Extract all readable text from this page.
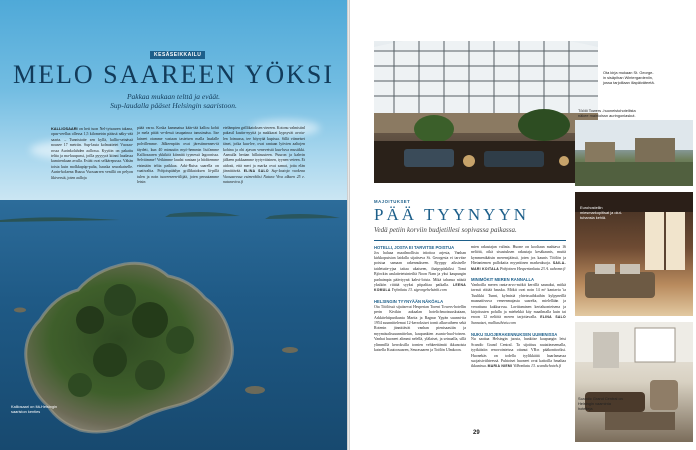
KESÄSEIKKAILU
MELO SAAREEN YÖKSI
Pakkaa mukaan telttä ja eväät.
Sup-laudalla pääset Helsingin saaristoon.
KALLIOSAARI on heti tuon Nel-tyisaaren takana, opas-veellaa ollessa 1,5 kilometrin päässä näky-vää saarta. – Tunnistatte sen kyllä, kallio-seinässä nousee 17 metriin. Sup-lauta kolmatteiet Vuosaa-rossa Aurinkolahden aallossa. Kyytiin on pakattu teltta ja ma-kuupussi, joilla pyyyyrä kiinni laudassa kumirenkaan avulla. Eväät ovat selkärepussa. Vähän toista kuin molkkapüp-pulta, hauska seurakaiselle. Aurin-kolaena Ruusa Vuosaarren venillä on pelyon likiverstä, joten aalloja
päää varra. Koska kammatua käär-tää kallou kohti ja mela pitää ve-dessä tasapainoa tanssimäsa. Itse laineet otamme vastaan tasteisen malla laudalle polvillemme. Jälkeenpäin ovat järestimennes-tä täydeti, kun 40 minuutin myö-hemmin lisä'amme Kalliosaaren ykkiköä kiinnitä tyynessä lagoonissa. Selviämme! Veikimme laudat rantaan ja hiiditemme etsimään teltta paikkaa. Arki-Ruisa saarella on vaativaltta. Pohjoispäädyn grillikatoksen lä-pillä tulen ja noin tuoreeseen-tilijää, joten peruutamme letsin
etelämpien grillikatoksen viereen. Kotonu valmistinl pakastl kastin-nyyttä ja makkarat kypsyvät avotu-len loimussa, tee höyryää kupissa. Sillä viimeiset tänet, jotka kuu-lee, ovat rantaan lyövien aaltojen kohina ja ohi ajavan veneveistä kuu-luva musiikki. Aamulla heräan hillaisuuteen. Puuron ja kahvin jälkeen pakkaamme tyytyväisinen, tyynen veteen. Et aidosti, että meri ja marka ovat samat, jotta elän jännittävää. ELINA SALO Sup-lautoja vuokraa Vuosaaressa esimerkiksi Natura Viva alkaen 25 e. naturaviva.fi
Kalliosaari on Itä-Helsingin saariston kenties
Ota kirja mukaan St. George-in sisäpihan Wintergardeniin, jossa tarjoillaan illapäiväteetä.
Töölö Towers -huoneistohotellista näkee mainiolssn auringonlaskut.
MAJOITUKSET
PÄÄ TYYNYYN
Vedä petiin korviin budjetillesi sopivassa paikassa.
HOTELLI, JOSTA EI TARVITSE POISTUA
Jos haluaa maailmollista irtiottoa arjesta, Vanhan kirkkopuiston laidalla sijaitseva St. Georgesta ei tarvitse poistua samaan rakennukseen. Ryyppy aiksiselle taidetutte-yjaa taitaa ukaiseen, ihaipypäskiksi Tomi Björckin aaslaitetetsinteiltä Noon Nam ja yksi kaupungin parhaimpia päävtyynä kahvi-loista. Mikä tahansa näistä yksikön riittää syyksi pitpaliiaa paikalla. LEENA KOMULA Yrjönkatu 13. sigeorgehelsinki.com

HELSINGIN TYYNYÄÄN NÄKÖALA
Ota Töölössä sijaitsevat Hesperian Torent Towers-hotellin perin Kivikin aakaalan hotelichmoisuuskutaan, Arkkitehtiparikunta Martta ja Ragnar Ypyän suunni-tta 1954 suunnittelemat 12-kerroksiset tornit alkuvaiheen sekä Rotenin jännittävät vanhan pienisaasiiin ja myymäsalissuunnittelun, kaupunkien asunto-huol-toinen. Vanhat huoneet alimmi nelellä, ylälaiset, ja seinaalla, sillä ylimmillä kerroksilla tornien vehkeettämät ikkunoista katsella Kuutoosaaren, Seurasaaren ja Toölön Ulmkoon.
mien rakastajan valinta. Huone on kooltaan mahtava 16 neliötä, oikä sisustuksen rakastaja kesäkaunis, muttä kymmenikäisin merensjäässä, joten jos kaunis Töölön ja Hietaniemen pallokaita myyntiinen markeaksoja. SAILA-MARI KOITALA Pohjoinen Hesperiankatu 23 A. uuhome.fi

MINIMÖKIT MEREN RANNALLA
Vanhoilla meren ranta-arvo-mökit kerrillä saunaksi, mitkä tavasti riittää hauska. Mökit ovat noin 14 m² kantavia 'ia Tuulikki Tunni, kylmisiä yhteissuihkuihin kylpyneillä maanatiivuva veneenmajasta saarelta, mielellään ja verrattuna kakkurvuu. Lavittaminen kertaluonteisena ja kirjoitusten polulla ja miehekkä käy maailmalla kuin tai eroon 12 neliötä meren tarjottavalla. ELINA SALO Sunnaiset, malliasihiviu.com

NUKU SUOJERAKENNUKSEN UUMENISSA
Nu saattaa Helsingin juosta, hankitse kaupungin leisi Scandic Grand Central. Ta sijoittuu rautatieasemalla, tyytkäisiin renovointeissa ottanut VR:n pääkonttoriksi. Huonekäs on todella tyylikkäitä haarlamassa suojaisiviihteessä. Puhtoiset huoneet ovat kattoilla hmaltaa ikkunissa. MARIA NIEMI Vilhonkatu 13. scandichotels.fi
Eurohostellin miesmarkopitisat ja olut-tuhansia kehiä.
Scandic Grand Central on Helsingin vaaminta hotelleja
29
